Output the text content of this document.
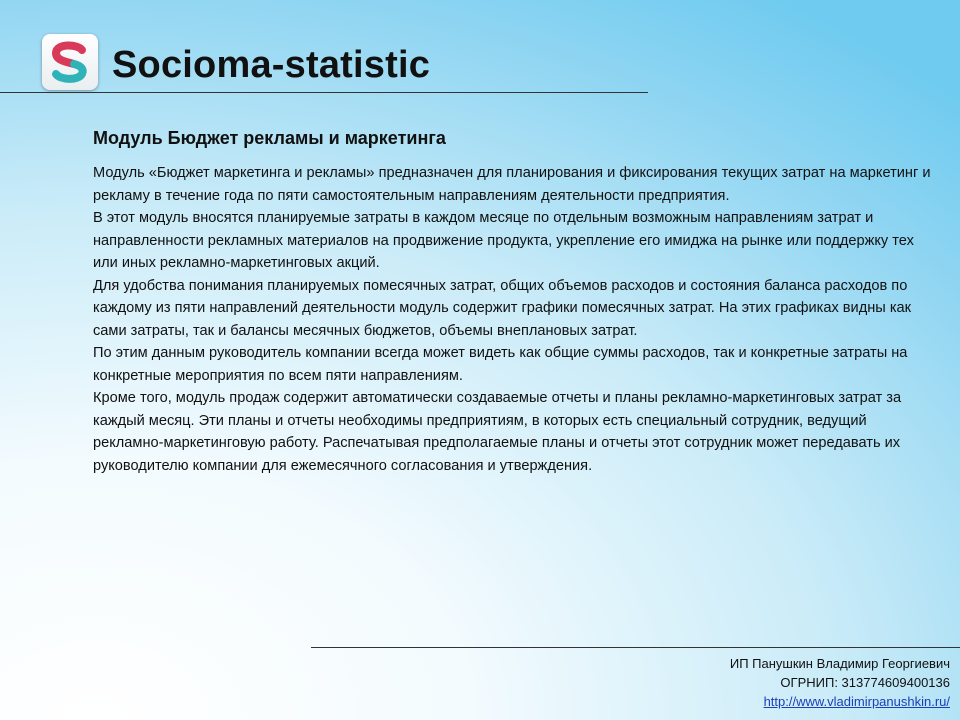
Socioma-statistic
Модуль Бюджет рекламы и маркетинга

Модуль «Бюджет маркетинга и рекламы» предназначен для планирования и фиксирования текущих затрат на маркетинг и рекламу в течение года по пяти самостоятельным направлениям деятельности предприятия.

В этот модуль вносятся планируемые затраты в каждом месяце по отдельным возможным направлениям затрат и направленности рекламных материалов на продвижение продукта, укрепление его имиджа на рынке или поддержку тех или иных рекламно-маркетинговых акций.

Для удобства понимания планируемых помесячных затрат, общих объемов расходов и состояния баланса расходов по каждому из пяти направлений деятельности модуль содержит графики помесячных затрат. На этих графиках видны как сами затраты, так и балансы месячных бюджетов, объемы внеплановых затрат.

По этим данным руководитель компании всегда может видеть как общие суммы расходов, так и конкретные затраты на конкретные мероприятия по всем пяти направлениям.

Кроме того, модуль продаж содержит автоматически создаваемые отчеты и планы рекламно-маркетинговых затрат за каждый месяц. Эти планы и отчеты необходимы предприятиям, в которых есть специальный сотрудник, ведущий рекламно-маркетинговую работу. Распечатывая предполагаемые планы и отчеты этот сотрудник может передавать их руководителю компании для ежемесячного согласования и утверждения.

ИП Панушкин Владимир Георгиевич
ОГРНИП: 313774609400136
http://www.vladimirpanushkin.ru/
